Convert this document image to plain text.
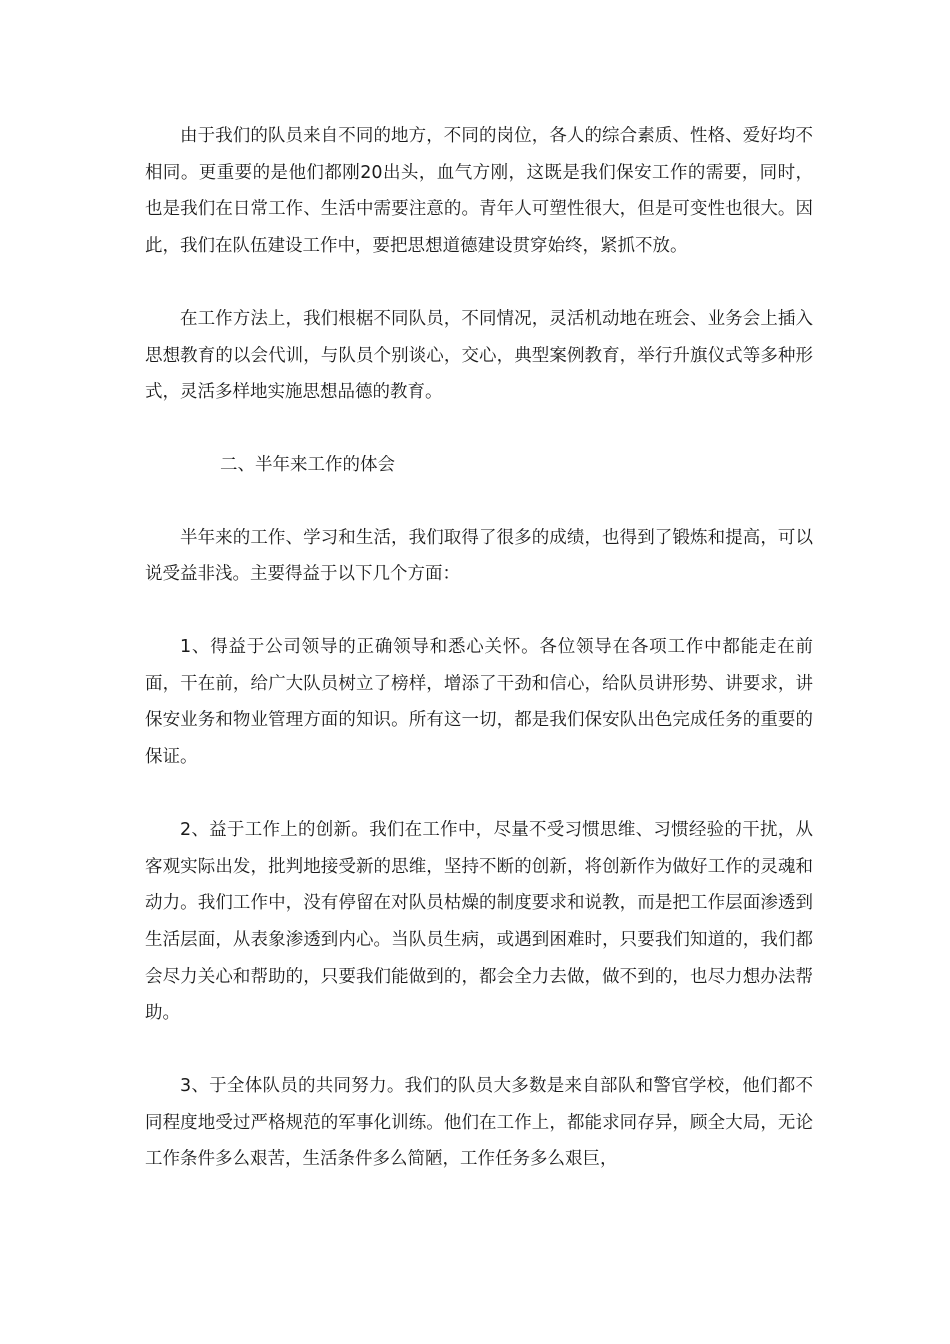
由于我们的队员来自不同的地方，不同的岗位，各人的综合素质、性格、爱好均不相同。更重要的是他们都刚20出头，血气方刚，这既是我们保安工作的需要，同时，也是我们在日常工作、生活中需要注意的。青年人可塑性很大，但是可变性也很大。因此，我们在队伍建设工作中，要把思想道德建设贯穿始终，紧抓不放。

在工作方法上，我们根椐不同队员，不同情况，灵活机动地在班会、业务会上插入思想教育的以会代训，与队员个别谈心，交心，典型案例教育，举行升旗仪式等多种形式，灵活多样地实施思想品德的教育。

二、半年来工作的体会

半年来的工作、学习和生活，我们取得了很多的成绩，也得到了锻炼和提高，可以说受益非浅。主要得益于以下几个方面：

1、得益于公司领导的正确领导和悉心关怀。各位领导在各项工作中都能走在前面，干在前，给广大队员树立了榜样，增添了干劲和信心，给队员讲形势、讲要求，讲保安业务和物业管理方面的知识。所有这一切，都是我们保安队出色完成任务的重要的保证。

2、益于工作上的创新。我们在工作中，尽量不受习惯思维、习惯经验的干扰，从客观实际出发，批判地接受新的思维，坚持不断的创新，将创新作为做好工作的灵魂和动力。我们工作中，没有停留在对队员枯燥的制度要求和说教，而是把工作层面渗透到生活层面，从表象渗透到内心。当队员生病，或遇到困难时，只要我们知道的，我们都会尽力关心和帮助的，只要我们能做到的，都会全力去做，做不到的，也尽力想办法帮助。

3、于全体队员的共同努力。我们的队员大多数是来自部队和警官学校，他们都不同程度地受过严格规范的军事化训练。他们在工作上，都能求同存异，顾全大局，无论工作条件多么艰苦，生活条件多么简陋，工作任务多么艰巨，
